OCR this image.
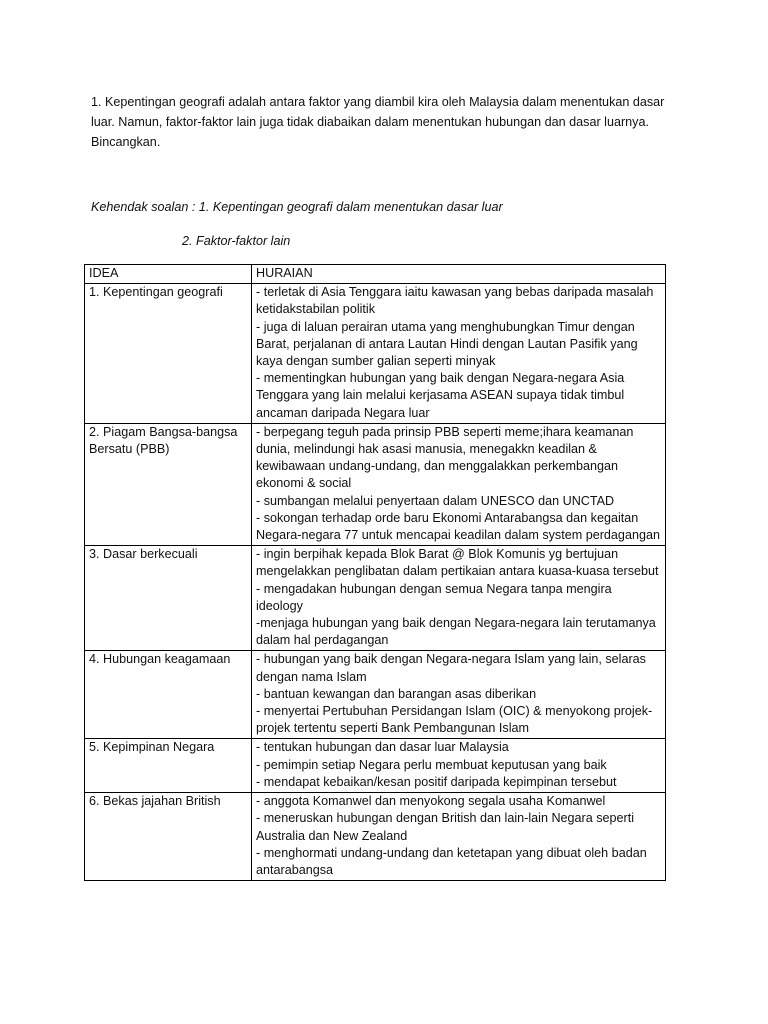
1. Kepentingan geografi adalah antara faktor yang diambil kira oleh Malaysia dalam menentukan dasar luar. Namun, faktor-faktor lain juga tidak diabaikan dalam menentukan hubungan dan dasar luarnya. Bincangkan.
Kehendak soalan : 1. Kepentingan geografi dalam menentukan dasar luar
2. Faktor-faktor lain
IDEA	HURAIAN
1. Kepentingan geografi	- terletak di Asia Tenggara iaitu kawasan yang bebas daripada masalah ketidakstabilan politik
- juga di laluan perairan utama yang menghubungkan Timur dengan Barat, perjalanan di antara Lautan Hindi dengan Lautan Pasifik yang kaya dengan sumber galian seperti minyak
- mementingkan hubungan yang baik dengan Negara-negara Asia Tenggara yang lain melalui kerjasama ASEAN supaya tidak timbul ancaman daripada Negara luar

2. Piagam Bangsa-bangsa Bersatu (PBB)	- berpegang teguh pada prinsip PBB seperti meme;ihara keamanan dunia, melindungi hak asasi manusia, menegakkn keadilan & kewibawaan undang-undang, dan menggalakkan perkembangan ekonomi & social
- sumbangan melalui penyertaan dalam UNESCO dan UNCTAD
- sokongan terhadap orde baru Ekonomi Antarabangsa dan kegaitan Negara-negara 77 untuk mencapai keadilan dalam system perdagangan

3. Dasar berkecuali	- ingin berpihak kepada Blok Barat @ Blok Komunis yg bertujuan mengelakkan penglibatan dalam pertikaian antara kuasa-kuasa tersebut
- mengadakan hubungan dengan semua Negara tanpa mengira ideology
-menjaga hubungan yang baik dengan Negara-negara lain terutamanya dalam hal perdagangan

4. Hubungan keagamaan	- hubungan yang baik dengan Negara-negara Islam yang lain, selaras dengan nama Islam
- bantuan kewangan dan barangan asas diberikan
- menyertai Pertubuhan Persidangan Islam (OIC) & menyokong projek-projek tertentu seperti Bank Pembangunan Islam

5. Kepimpinan Negara	- tentukan hubungan dan dasar luar Malaysia
- pemimpin setiap Negara perlu membuat keputusan yang baik
- mendapat kebaikan/kesan positif daripada kepimpinan tersebut

6. Bekas jajahan British	- anggota Komanwel dan menyokong segala usaha Komanwel
- meneruskan hubungan dengan British dan lain-lain Negara seperti Australia dan New Zealand
- menghormati undang-undang dan ketetapan yang dibuat oleh badan antarabangsa
